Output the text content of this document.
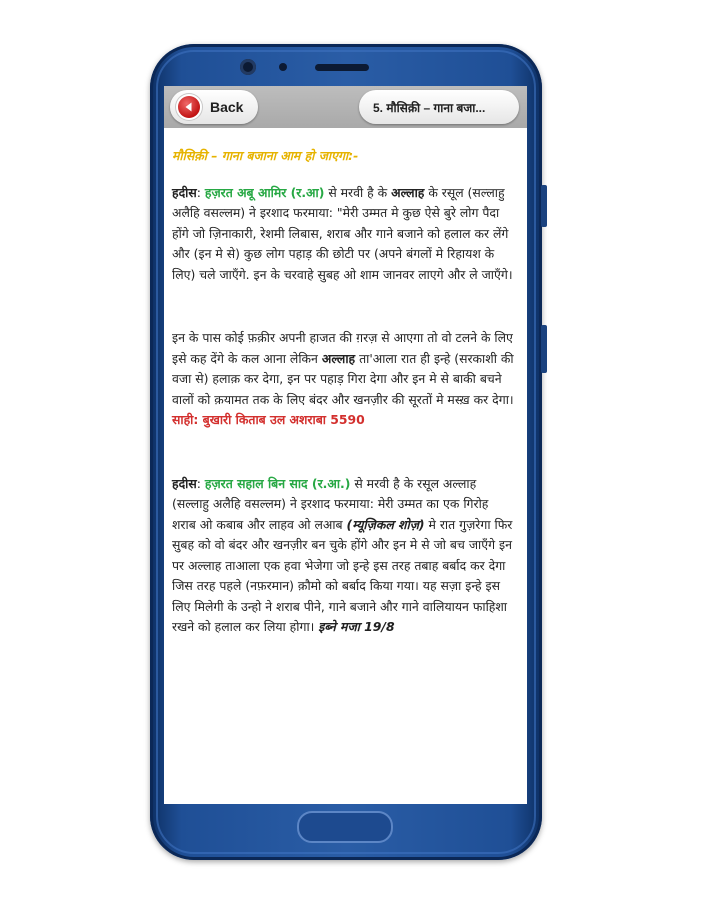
Back	5. मौसिक़ी – गाना बजा...

मौसिक़ी – गाना बजाना आम हो जाएगा:-

हदीस: हज़रत अबू आमिर (र.आ) से मरवी है के अल्लाह के रसूल (सल्लाहु अलैहि वसल्लम) ने इरशाद फरमाया: "मेरी उम्मत मे कुछ ऐसे बुरे लोग पैदा होंगे जो ज़िनाकारी, रेशमी लिबास, शराब और गाने बजाने को हलाल कर लेंगे और (इन मे से) कुछ लोग पहाड़ की छोटी पर (अपने बंगलों मे रिहायश के लिए) चले जाएँगे. इन के चरवाहे सुबह ओ शाम जानवर लाएगे और ले जाएँगे।

इन के पास कोई फ़क़ीर अपनी हाजत की ग़रज़ से आएगा तो वो टलने के लिए इसे कह देंगे के कल आना लेकिन अल्लाह ता'आला रात ही इन्हे (सरकाशी की वजा से) हलाक़ कर देगा, इन पर पहाड़ गिरा देगा और इन मे से बाकी बचने वालों को क़यामत तक के लिए बंदर और खनज़ीर की सूरतों मे मस्ख़ कर देगा। साही: बुखारी किताब उल अशराबा 5590

हदीस: हज़रत सहाल बिन साद (र.आ.) से मरवी है के रसूल अल्लाह (सल्लाहु अलैहि वसल्लम) ने इरशाद फरमाया: मेरी उम्मत का एक गिरोह शराब ओ कबाब और लाहव ओ लआब (म्यूज़िकल शोज़) मे रात गुज़रेगा फिर सुबह को वो बंदर और खनज़ीर बन चुके होंगे और इन मे से जो बच जाएँगे इन पर अल्लाह ताआला एक हवा भेजेगा जो इन्हे इस तरह तबाह बर्बाद कर देगा जिस तरह पहले (नफ़रमान) क़ौमो को बर्बाद किया गया। यह सज़ा इन्हे इस लिए मिलेगी के उन्हो ने शराब पीने, गाने बजाने और गाने वालियायन फाहिशा रखने को हलाल कर लिया होगा। इब्ने मजा 19/8
